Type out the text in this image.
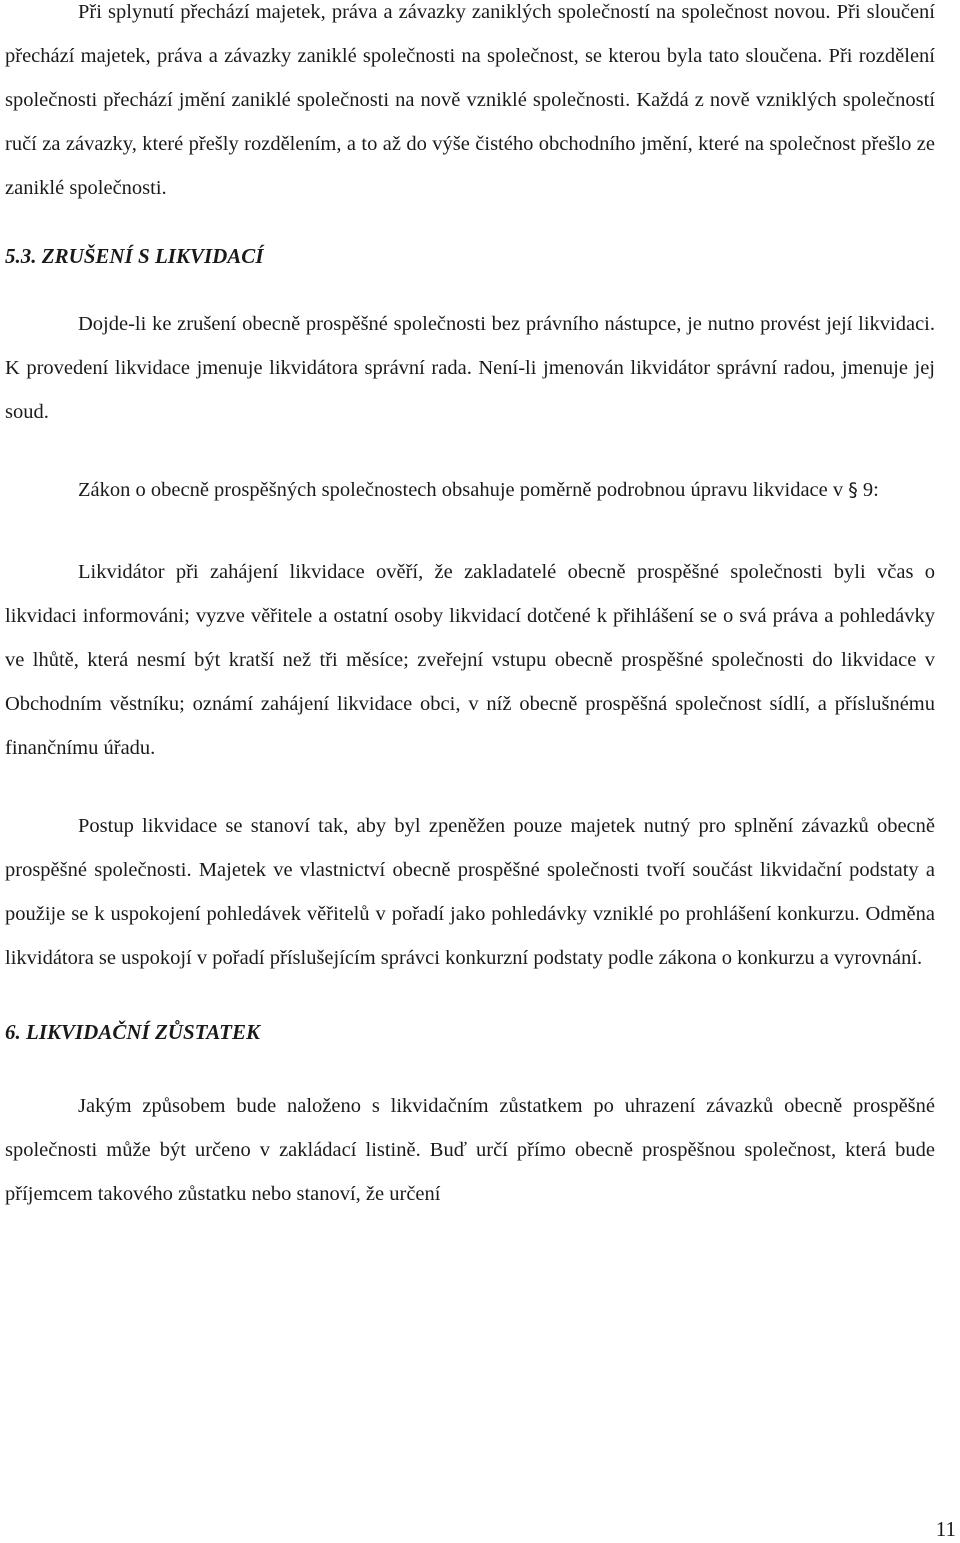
Při splynutí přechází majetek, práva a závazky zaniklých společností na společnost novou. Při sloučení přechází majetek, práva a závazky zaniklé společnosti na společnost, se kterou byla tato sloučena. Při rozdělení společnosti přechází jmění zaniklé společnosti na nově vzniklé společnosti. Každá z nově vzniklých společností ručí za závazky, které přešly rozdělením, a to až do výše čistého obchodního jmění, které na společnost přešlo ze zaniklé společnosti.

5.3. ZRUŠENÍ S LIKVIDACÍ

Dojde-li ke zrušení obecně prospěšné společnosti bez právního nástupce, je nutno provést její likvidaci. K provedení likvidace jmenuje likvidátora správní rada. Není-li jmenován likvidátor správní radou, jmenuje jej soud.

Zákon o obecně prospěšných společnostech obsahuje poměrně podrobnou úpravu likvidace v § 9:

Likvidátor při zahájení likvidace ověří, že zakladatelé obecně prospěšné společnosti byli včas o likvidaci informováni; vyzve věřitele a ostatní osoby likvidací dotčené k přihlášení se o svá práva a pohledávky ve lhůtě, která nesmí být kratší než tři měsíce; zveřejní vstupu obecně prospěšné společnosti do likvidace v Obchodním věstníku; oznámí zahájení likvidace obci, v níž obecně prospěšná společnost sídlí, a příslušnému finančnímu úřadu.

Postup likvidace se stanoví tak, aby byl zpeněžen pouze majetek nutný pro splnění závazků obecně prospěšné společnosti. Majetek ve vlastnictví obecně prospěšné společnosti tvoří součást likvidační podstaty a použije se k uspokojení pohledávek věřitelů v pořadí jako pohledávky vzniklé po prohlášení konkurzu. Odměna likvidátora se uspokojí v pořadí příslušejícím správci konkurzní podstaty podle zákona o konkurzu a vyrovnání.

6. LIKVIDAČNÍ ZŮSTATEK

Jakým způsobem bude naloženo s likvidačním zůstatkem po uhrazení závazků obecně prospěšné společnosti může být určeno v zakládací listině. Buď určí přímo obecně prospěšnou společnost, která bude příjemcem takového zůstatku nebo stanoví, že určení

11
